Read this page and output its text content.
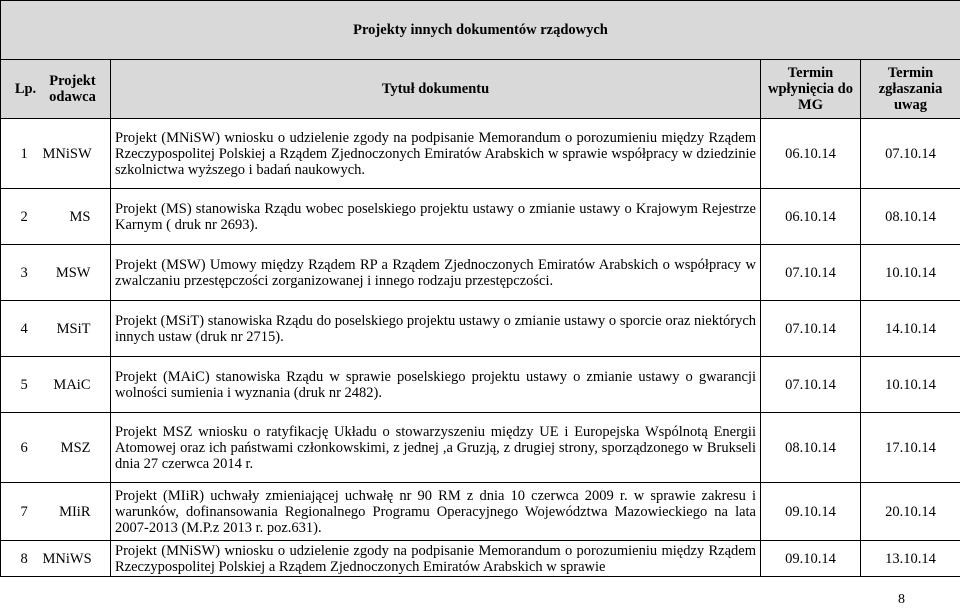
Projekty innych dokumentów rządowych			
Lp. Projekt odawca	Tytuł dokumentu	Termin wpłynięcia do MG	Termin zgłaszania uwag
1 MNiSW	Projekt (MNiSW) wniosku o udzielenie zgody na podpisanie Memorandum o porozumieniu między Rządem Rzeczypospolitej Polskiej a Rządem Zjednoczonych Emiratów Arabskich w sprawie współpracy w dziedzinie szkolnictwa wyższego i badań naukowych.	06.10.14	07.10.14
2 MS	Projekt (MS) stanowiska Rządu wobec poselskiego projektu ustawy o zmianie ustawy o Krajowym Rejestrze Karnym ( druk nr 2693).	06.10.14	08.10.14
3 MSW	Projekt (MSW) Umowy między Rządem RP a Rządem Zjednoczonych Emiratów Arabskich o współpracy w zwalczaniu przestępczości zorganizowanej i innego rodzaju przestępczości.	07.10.14	10.10.14
4 MSiT	Projekt (MSiT) stanowiska Rządu do poselskiego projektu ustawy o zmianie ustawy o sporcie oraz niektórych innych ustaw (druk nr 2715).	07.10.14	14.10.14
5 MAiC	Projekt (MAiC) stanowiska Rządu w sprawie poselskiego projektu ustawy o zmianie ustawy o gwarancji wolności sumienia i wyznania (druk nr 2482).	07.10.14	10.10.14
6 MSZ	Projekt MSZ wniosku o ratyfikację Układu o stowarzyszeniu między UE i Europejska Wspólnotą Energii Atomowej oraz ich państwami członkowskimi, z jednej ,a Gruzją, z drugiej strony, sporządzonego w Brukseli dnia 27 czerwca 2014 r.	08.10.14	17.10.14
7 MIiR	Projekt (MIiR) uchwały zmieniającej uchwałę nr 90 RM z dnia 10 czerwca 2009 r. w sprawie zakresu i warunków, dofinansowania Regionalnego Programu Operacyjnego Województwa Mazowieckiego na lata 2007-2013 (M.P.z 2013 r. poz.631).	09.10.14	20.10.14
8 MNiWS	Projekt (MNiSW) wniosku o udzielenie zgody na podpisanie Memorandum o porozumieniu między Rządem Rzeczypospolitej Polskiej a Rządem Zjednoczonych Emiratów Arabskich w sprawie	09.10.14	13.10.14
8
